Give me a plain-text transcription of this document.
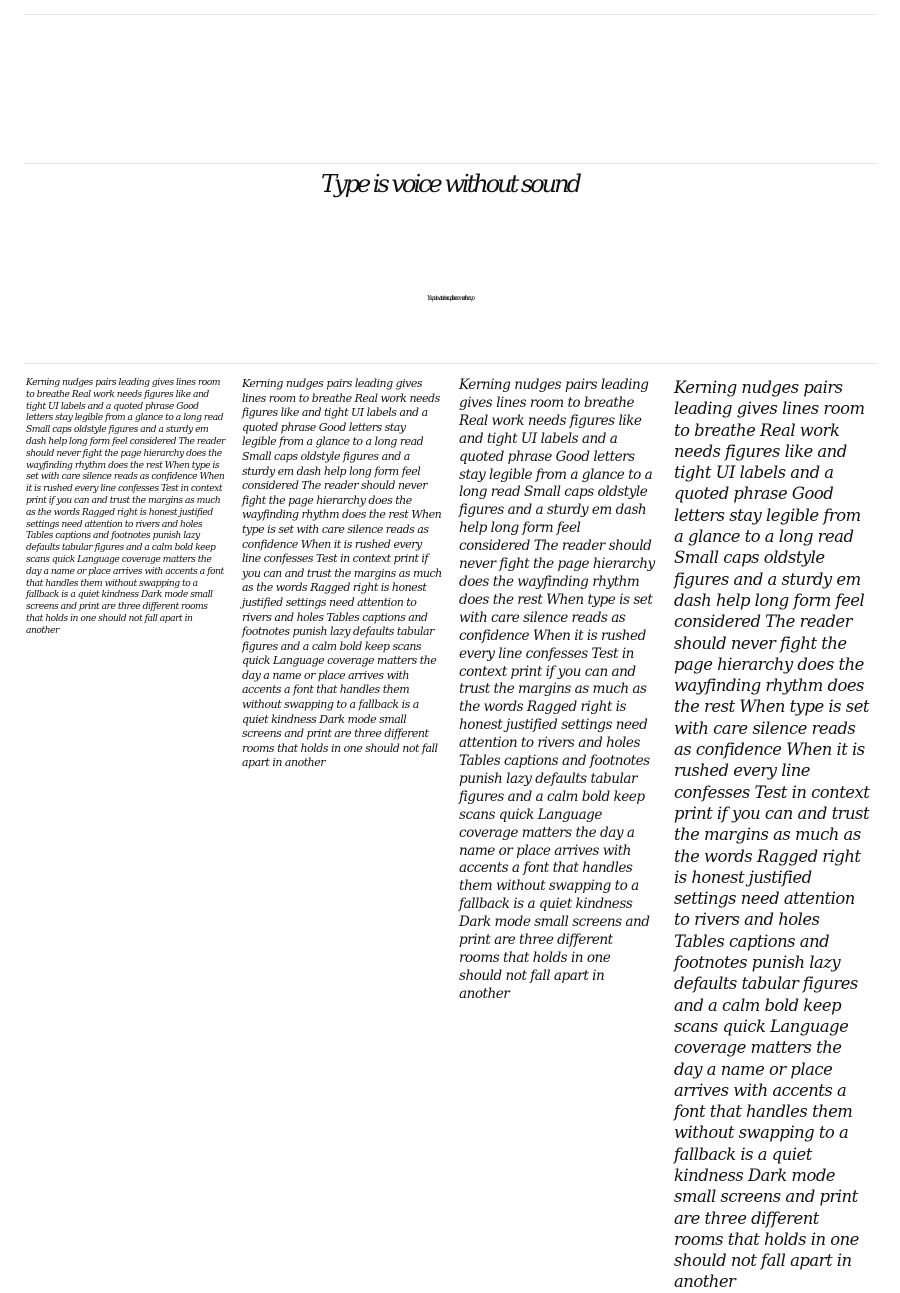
Type is voice without sound
You put water in a cup it becomes the cup

Kerning nudges pairs leading gives lines room to breathe Real work needs figures like and tight UI labels and a quoted phrase Good letters stay legible from a glance to a long read Small caps oldstyle figures and a sturdy em dash help long form feel considered The reader should never fight the page hierarchy does the wayfinding rhythm does the rest When type is set with care silence reads as confidence When it is rushed every line confesses Test in context print if you can and trust the margins as much as the words Ragged right is honest justified settings need attention to rivers and holes Tables captions and footnotes punish lazy defaults tabular figures and a calm bold keep scans quick Language coverage matters the day a name or place arrives with accents a font that handles them without swapping to a fallback is a quiet kindness Dark mode small screens and print are three different rooms that holds in one should not fall apart in another

Kerning nudges pairs leading gives lines room to breathe Real work needs figures like and tight UI labels and a quoted phrase Good letters stay legible from a glance to a long read Small caps oldstyle figures and a sturdy em dash help long form feel considered The reader should never fight the page hierarchy does the wayfinding rhythm does the rest When type is set with care silence reads as confidence When it is rushed every line confesses Test in context print if you can and trust the margins as much as the words Ragged right is honest justified settings need attention to rivers and holes Tables captions and footnotes punish lazy defaults tabular figures and a calm bold keep scans quick Language coverage matters the day a name or place arrives with accents a font that handles them without swapping to a fallback is a quiet kindness Dark mode small screens and print are three different rooms that holds in one should not fall apart in another

Kerning nudges pairs leading gives lines room to breathe Real work needs figures like and tight UI labels and a quoted phrase Good letters stay legible from a glance to a long read Small caps oldstyle figures and a sturdy em dash help long form feel considered The reader should never fight the page hierarchy does the wayfinding rhythm does the rest When type is set with care silence reads as confidence When it is rushed every line confesses Test in context print if you can and trust the margins as much as the words Ragged right is honest justified settings need attention to rivers and holes Tables captions and footnotes punish lazy defaults tabular figures and a calm bold keep scans quick Language coverage matters the day a name or place arrives with accents a font that handles them without swapping to a fallback is a quiet kindness Dark mode small screens and print are three different rooms that holds in one should not fall apart in another

Kerning nudges pairs leading gives lines room to breathe Real work needs figures like and tight UI labels and a quoted phrase Good letters stay legible from a glance to a long read Small caps oldstyle figures and a sturdy em dash help long form feel considered The reader should never fight the page hierarchy does the wayfinding rhythm does the rest When type is set with care silence reads as confidence When it is rushed every line confesses Test in context print if you can and trust the margins as much as the words Ragged right is honest justified settings need attention to rivers and holes Tables captions and footnotes punish lazy defaults tabular figures and a calm bold keep scans quick Language coverage matters the day a name or place arrives with accents a font that handles them without swapping to a fallback is a quiet kindness Dark mode small screens and print are three different rooms that holds in one should not fall apart in another
